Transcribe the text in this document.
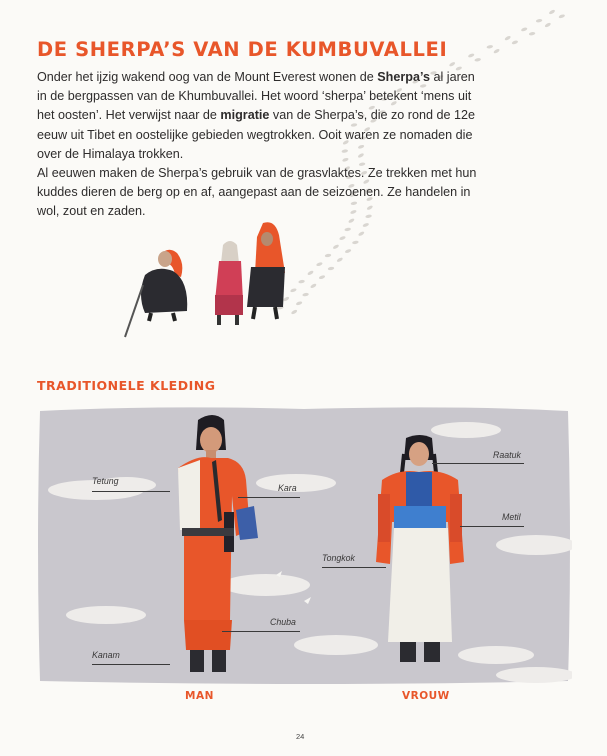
DE SHERPA’S VAN DE KUMBUVALLEI

Onder het ijzig wakend oog van de Mount Everest wonen de Sherpa’s al jaren in de bergpassen van de Khumbuvallei. Het woord ‘sherpa’ betekent ‘mens uit het oosten’. Het verwijst naar de migratie van de Sherpa’s, die zo rond de 12e eeuw uit Tibet en oostelijke gebieden wegtrokken. Ooit waren ze nomaden die over de Himalaya trokken.

Al eeuwen maken de Sherpa’s gebruik van de grasvlaktes. Ze trekken met hun kuddes dieren de berg op en af, aangepast aan de seizoenen. Ze handelen in wol, zout en zaden.

TRADITIONELE KLEDING
Tetung
Kara
Chuba
Kanam
Raatuk
Metil
Tongkok
MAN	VROUW
24
